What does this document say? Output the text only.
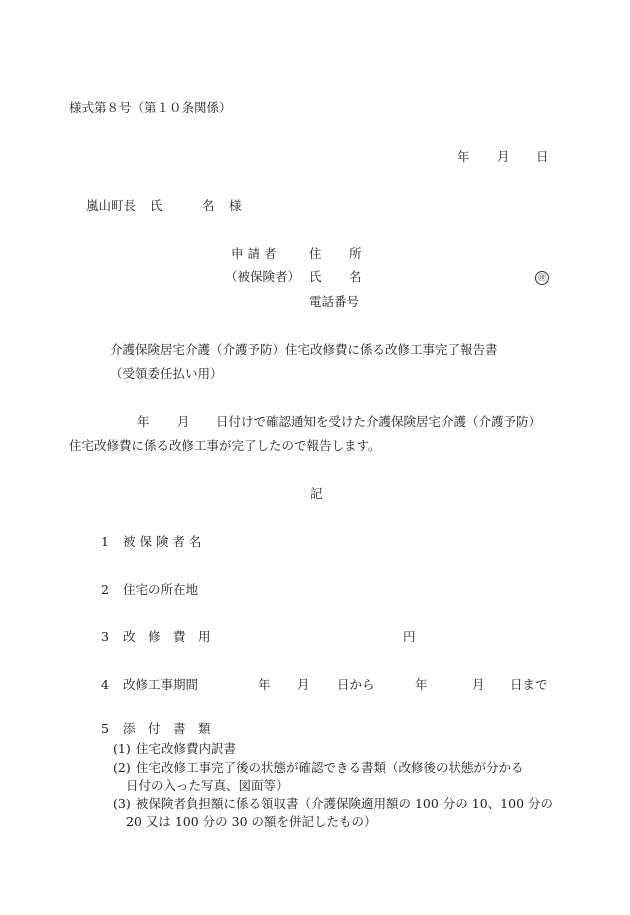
様式第８号（第１０条関係）
年 月 日
嵐山町長 氏	名 様
申 請 者	住 所
（被保険者） 氏 名	㊞
電話番号
介護保険居宅介護（介護予防）住宅改修費に係る改修工事完了報告書
（受領委任払い用）
年 月 日付けで確認通知を受けた介護保険居宅介護（介護予防）
住宅改修費に係る改修工事が完了したので報告します。
記
1 被 保 険 者 名
2 住宅の所在地
3 改　修　費　用	円
4 改修工事期間	年 月 日から	年	月 日まで
5 添　付　書　類
(1) 住宅改修費内訳書
(2) 住宅改修工事完了後の状態が確認できる書類（改修後の状態が分かる
日付の入った写真、図面等）
(3) 被保険者負担額に係る領収書（介護保険適用額の 100 分の 10、100 分の
20 又は 100 分の 30 の額を併記したもの）
